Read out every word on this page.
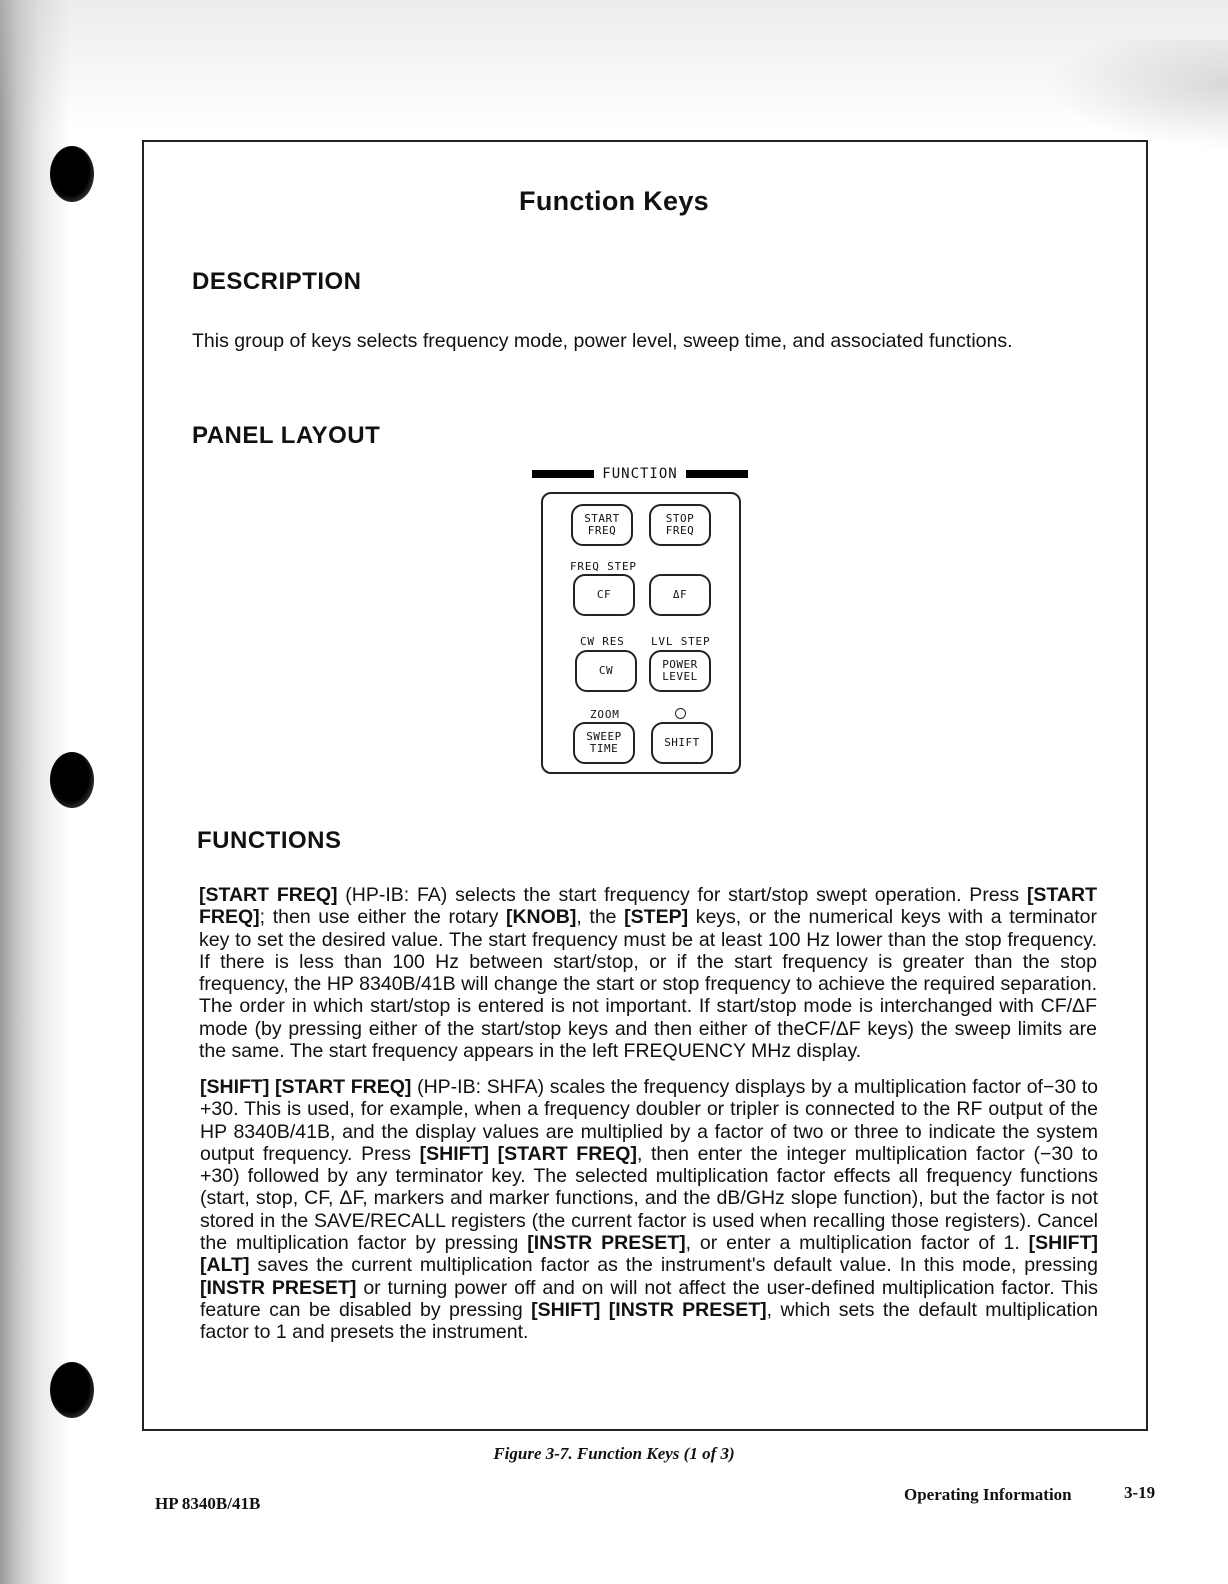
Function Keys
DESCRIPTION
This group of keys selects frequency mode, power level, sweep time, and associated functions.
PANEL LAYOUT
FUNCTION
START
FREQ
STOP
FREQ
FREQ STEP
CF	ΔF
CW RES LVL STEP
CW	POWER
LEVEL
ZOOM
SWEEP
TIME	SHIFT
FUNCTIONS
[START FREQ] (HP-IB: FA) selects the start frequency for start/stop swept operation. Press [START FREQ]; then use either the rotary [KNOB], the [STEP] keys, or the numerical keys with a terminator key to set the desired value. The start frequency must be at least 100 Hz lower than the stop frequency. If there is less than 100 Hz between start/stop, or if the start frequency is greater than the stop frequency, the HP 8340B/41B will change the start or stop frequency to achieve the required separation. The order in which start/stop is entered is not important. If start/stop mode is interchanged with CF/ΔF mode (by pressing either of the start/stop keys and then either of theCF/ΔF keys) the sweep limits are the same. The start frequency appears in the left FREQUENCY MHz display.
[SHIFT] [START FREQ] (HP-IB: SHFA) scales the frequency displays by a multiplication factor of−30 to +30. This is used, for example, when a frequency doubler or tripler is connected to the RF output of the HP 8340B/41B, and the display values are multiplied by a factor of two or three to indicate the system output frequency. Press [SHIFT] [START FREQ], then enter the integer multiplication factor (−30 to +30) followed by any terminator key. The selected multiplication factor effects all frequency functions (start, stop, CF, ΔF, markers and marker functions, and the dB/GHz slope function), but the factor is not stored in the SAVE/RECALL registers (the current factor is used when recalling those registers). Cancel the multiplication factor by pressing [INSTR PRESET], or enter a multiplication factor of 1. [SHIFT] [ALT] saves the current multiplication factor as the instrument's default value. In this mode, pressing [INSTR PRESET] or turning power off and on will not affect the user-defined multiplication factor. This feature can be disabled by pressing [SHIFT] [INSTR PRESET], which sets the default multiplication factor to 1 and presets the instrument.
Figure 3-7. Function Keys (1 of 3)
HP 8340B/41B	Operating Information	3-19
